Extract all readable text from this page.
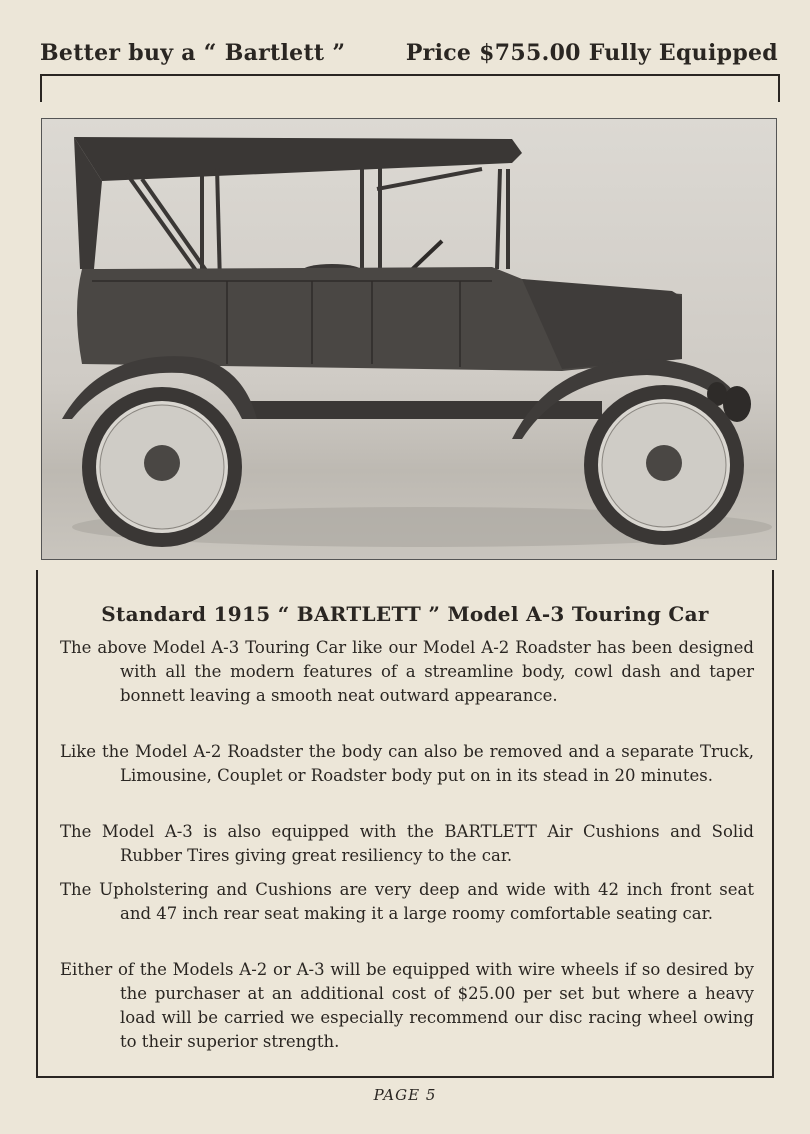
Better buy a “ Bartlett ”	Price $755.00 Fully Equipped
Standard 1915 “ BARTLETT ” Model A-3 Touring Car

The above Model A-3 Touring Car like our Model A-2 Roadster has been designed with all the modern features of a streamline body, cowl dash and taper bonnett leaving a smooth neat outward appearance.

Like the Model A-2 Roadster the body can also be removed and a separate Truck, Limousine, Couplet or Roadster body put on in its stead in 20 minutes.

The Model A-3 is also equipped with the BARTLETT Air Cushions and Solid Rubber Tires giving great resiliency to the car.

The Upholstering and Cushions are very deep and wide with 42 inch front seat and 47 inch rear seat making it a large roomy comfortable seating car.

Either of the Models A-2 or A-3 will be equipped with wire wheels if so desired by the purchaser at an additional cost of $25.00 per set but where a heavy load will be carried we especially recommend our disc racing wheel owing to their superior strength.

PAGE 5
